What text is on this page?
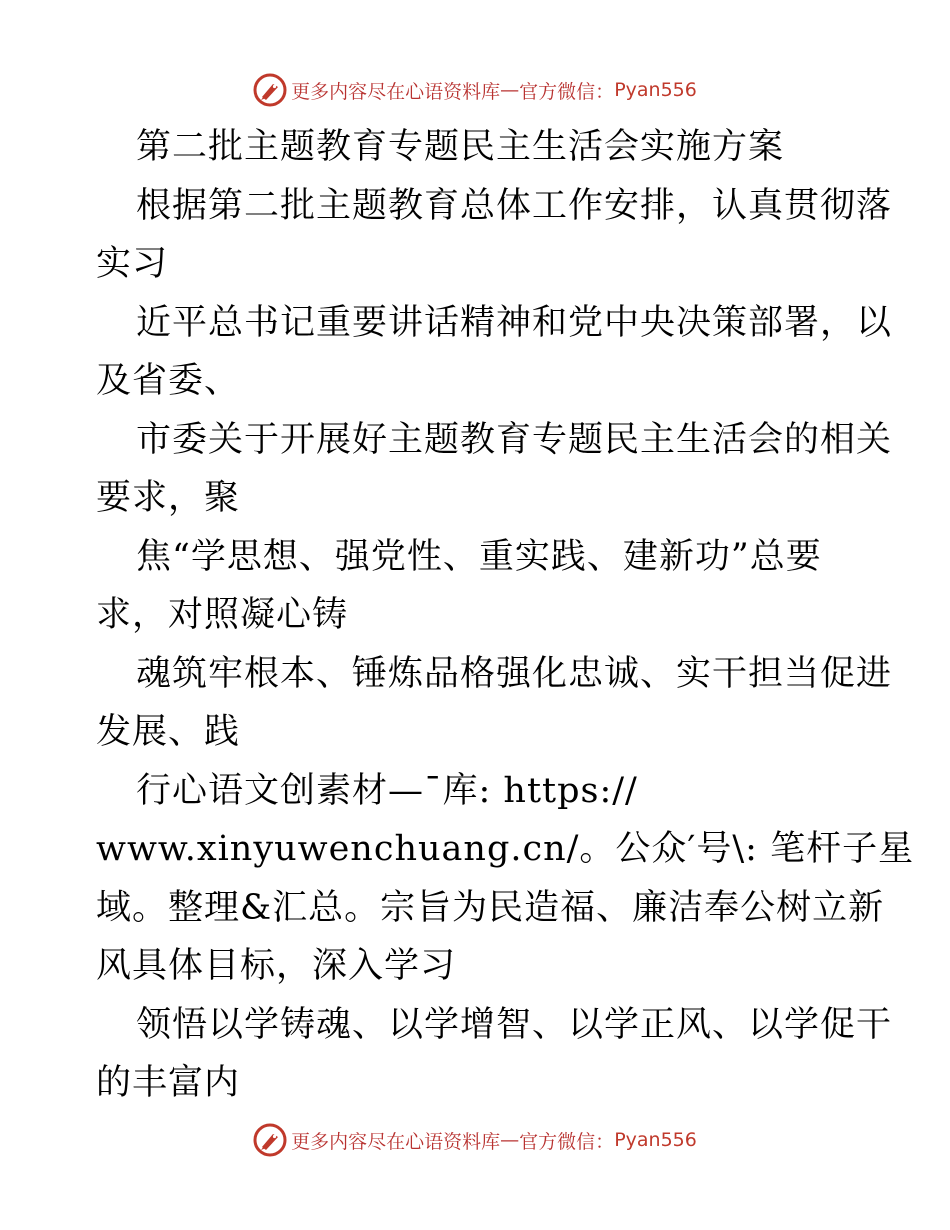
更多内容尽在心语资料库 — 官方微信： Pyan556
第二批主题教育专题民主生活会实施方案
根据第二批主题教育总体工作安排，认真贯彻落
实习
近平总书记重要讲话精神和党中央决策部署，以
及省委、
市委关于开展好主题教育专题民主生活会的相关
要求，聚
焦“学思想、强党性、重实践、建新功”总要
求，对照凝心铸
魂筑牢根本、锤炼品格强化忠诚、实干担当促进
发展、践
行心语文创素材—¯库: https://
www.xinyuwenchuang.cn/。公众′号\: 笔杆子星
域。整理&汇总。宗旨为民造福、廉洁奉公树立新
风具体目标，深入学习
领悟以学铸魂、以学增智、以学正风、以学促干
的丰富内
更多内容尽在心语资料库 — 官方微信： Pyan556
